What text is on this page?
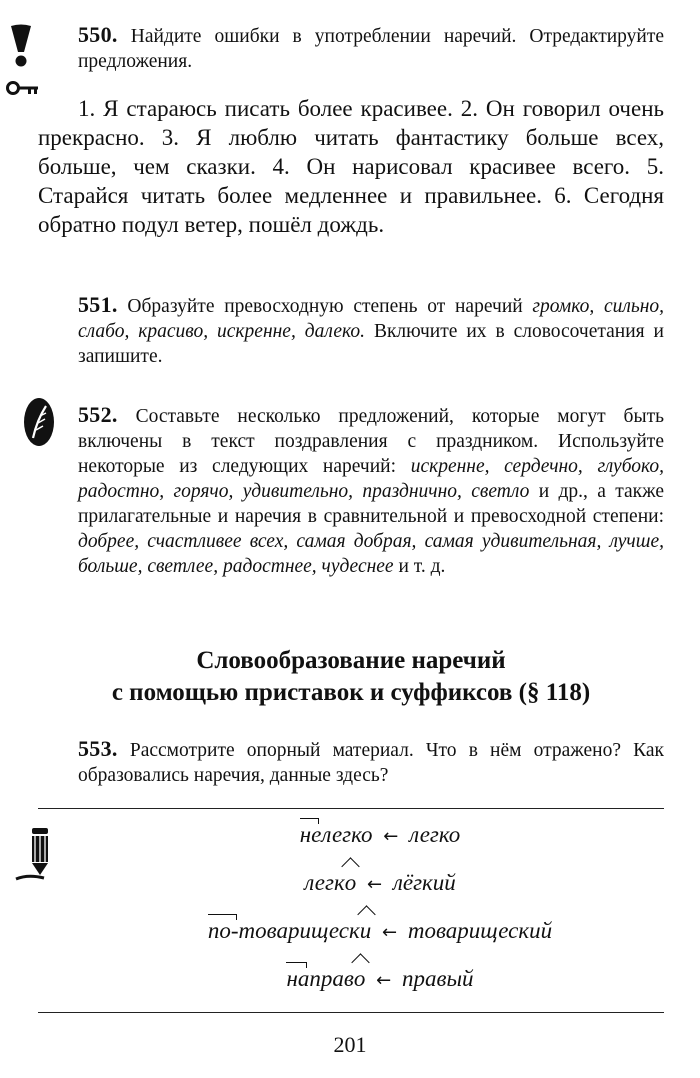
550. Найдите ошибки в употреблении наречий. Отредактируйте предложения.

1. Я стараюсь писать более красивее. 2. Он говорил очень прекрасно. 3. Я люблю читать фантастику больше всех, больше, чем сказки. 4. Он нарисовал красивее всего. 5. Старайся читать более медленнее и правильнее. 6. Сегодня обратно подул ветер, пошёл дождь.

551. Образуйте превосходную степень от наречий громко, сильно, слабо, красиво, искренне, далеко. Включите их в словосочетания и запишите.

552. Составьте несколько предложений, которые могут быть включены в текст поздравления с праздником. Используйте некоторые из следующих наречий: искренне, сердечно, глубоко, радостно, горячо, удивительно, празднично, светло и др., а также прилагательные и наречия в сравнительной и превосходной степени: добрее, счастливее всех, самая добрая, самая удивительная, лучше, больше, светлее, радостнее, чудеснее и т. д.

Словообразование наречий
с помощью приставок и суффиксов (§ 118)

553. Рассмотрите опорный материал. Что в нём отражено? Как образовались наречия, данные здесь?

нелегко ← легко
легко ← лёгкий
по-товарищески ← товарищеский
направо ← правый
201
